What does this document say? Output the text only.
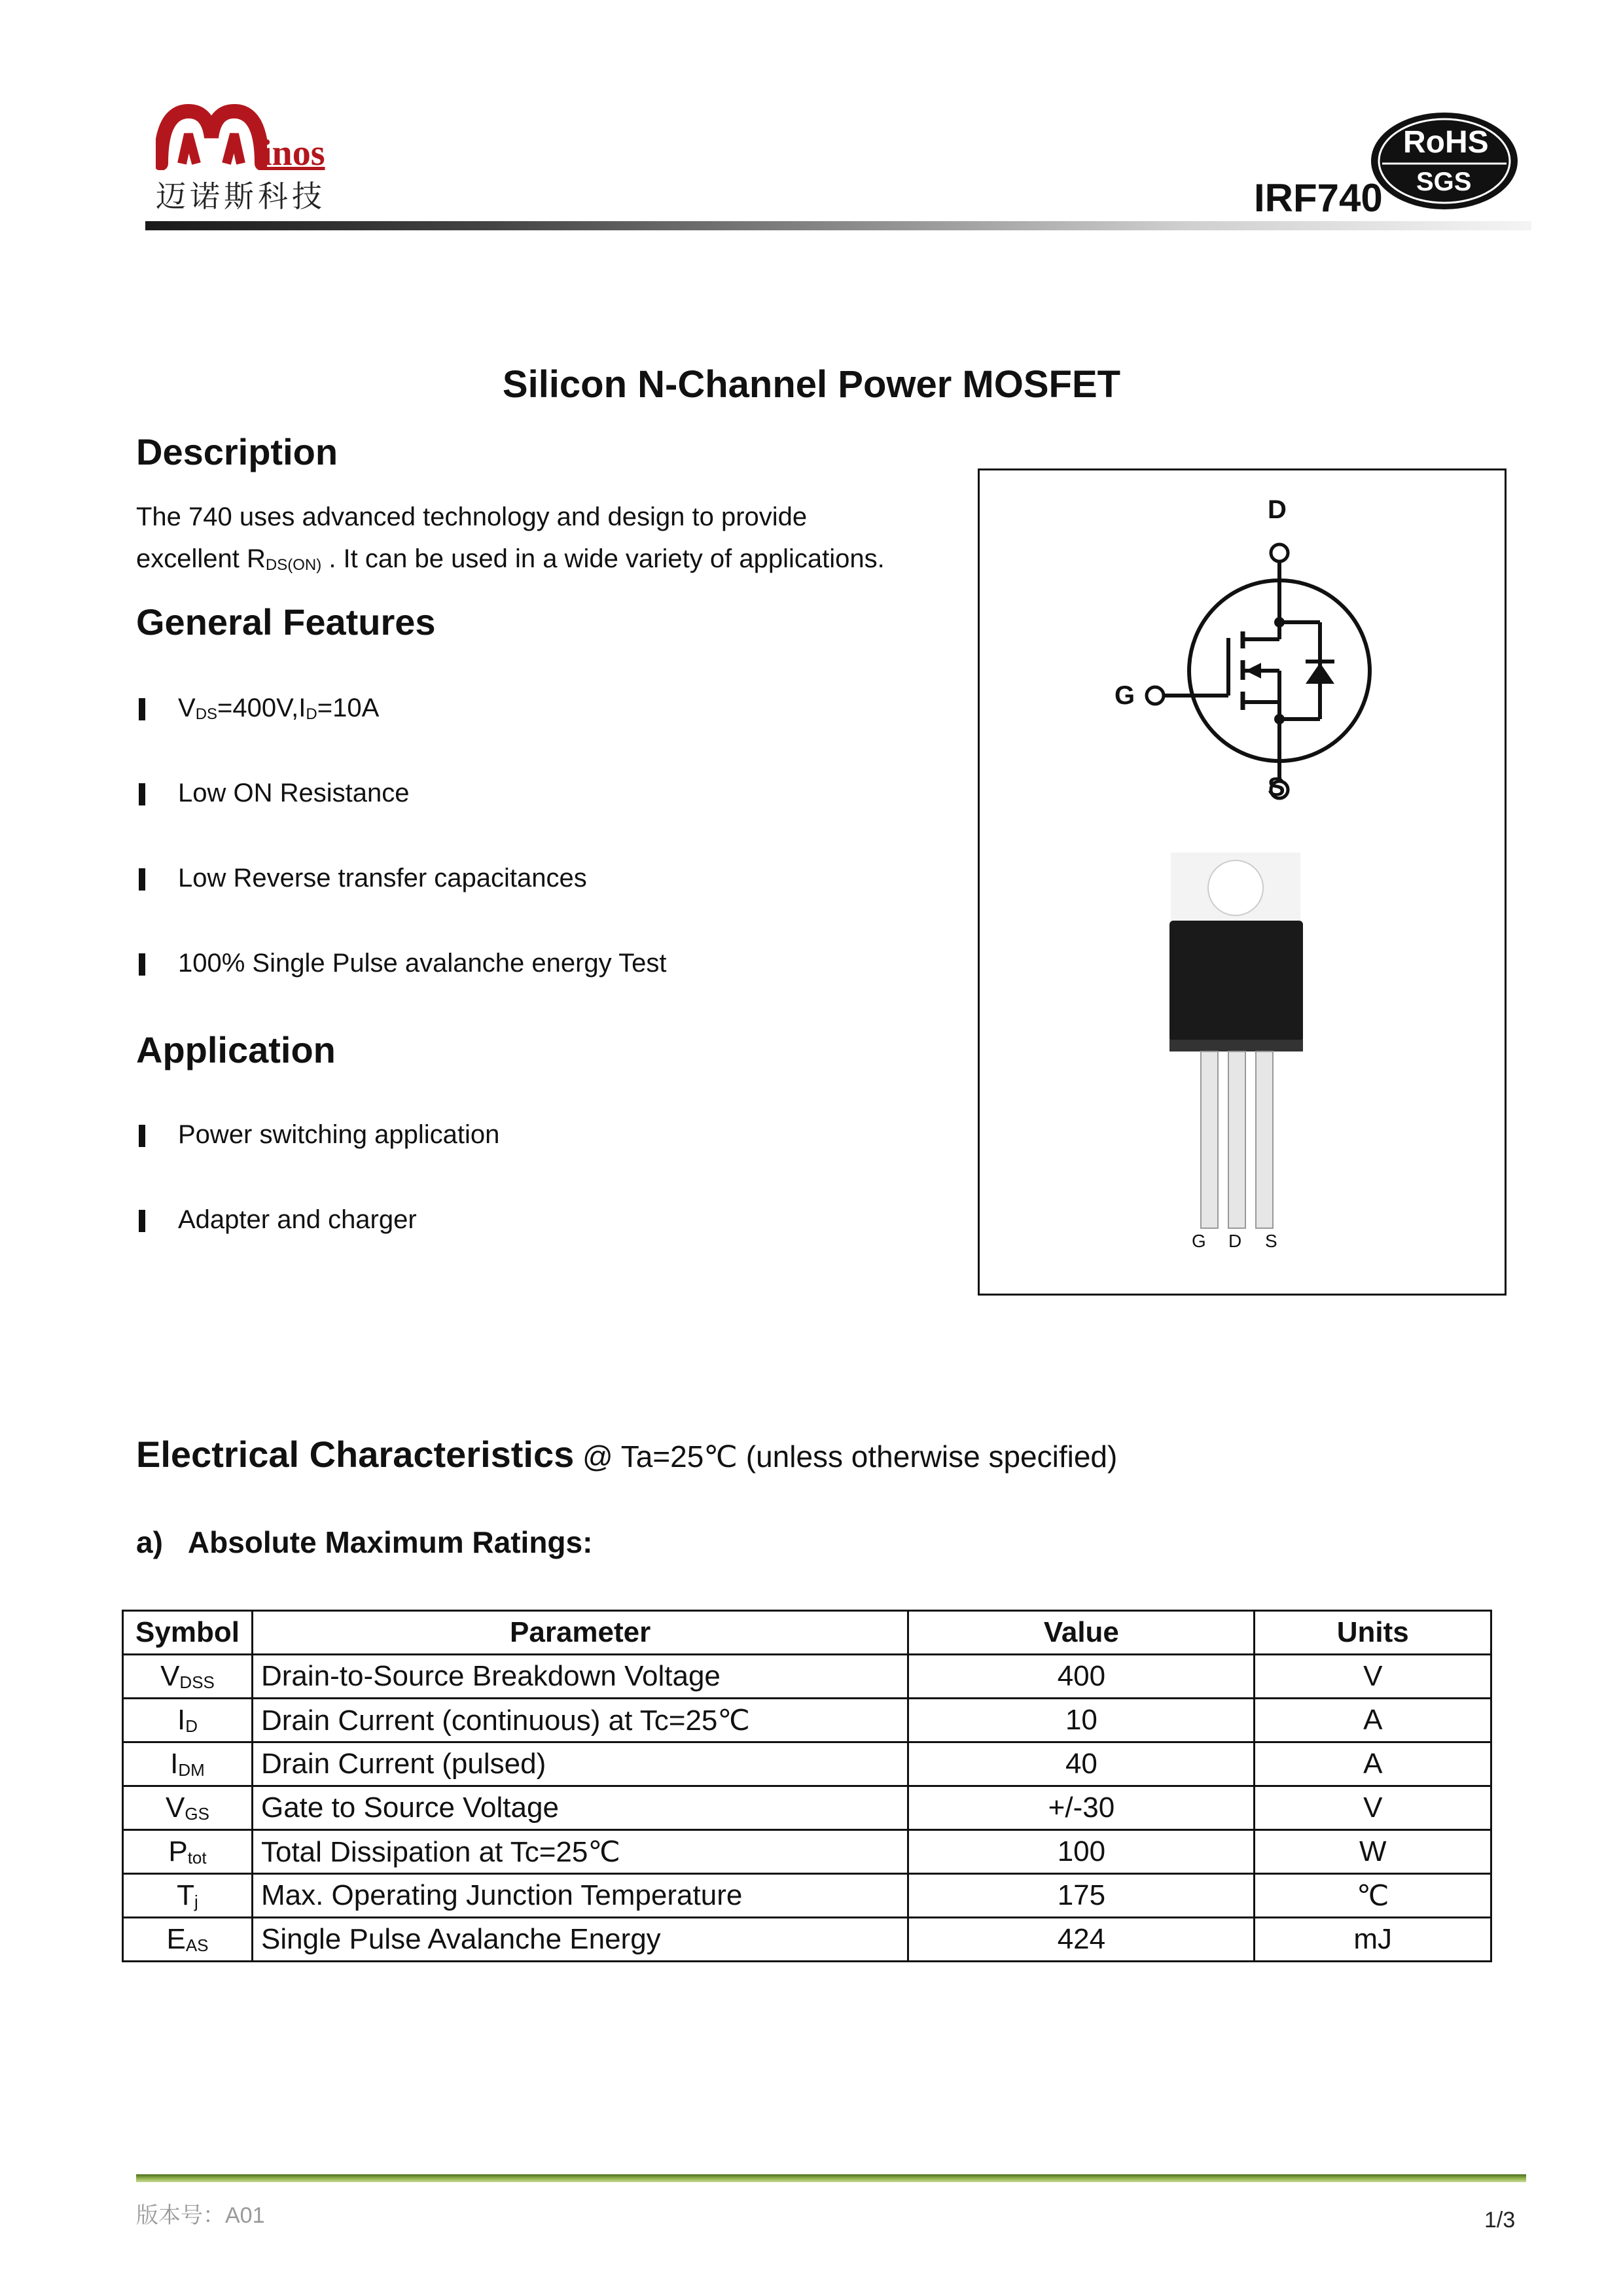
inos
迈诺斯科技	IRF740
RoHS
SGS
Silicon N-Channel Power MOSFET
Description
The 740 uses advanced technology and design to provide
excellent $R_{DS(ON)}$ . It can be used in a wide variety of applications.
General Features
$V_{DS}=400V,I_D=10A$
Low ON Resistance
Low Reverse transfer capacitances
100% Single Pulse avalanche energy Test
Application
Power switching application
Adapter and charger
D
G
S
G D S
Electrical Characteristics @ Ta=25℃ (unless otherwise specified)
a) Absolute Maximum Ratings:
Symbol	Parameter	Value	Units
$V_{DSS}$	Drain-to-Source Breakdown Voltage	400	V
$I_D$	Drain Current (continuous) at Tc=25℃	10	A
$I_{DM}$	Drain Current (pulsed)	40	A
$V_{GS}$	Gate to Source Voltage	+/-30	V
$P_{tot}$	Total Dissipation at Tc=25℃	100	W
$T_j$	Max. Operating Junction Temperature	175	℃
$E_{AS}$	Single Pulse Avalanche Energy	424	mJ
版本号：A01	1/3
